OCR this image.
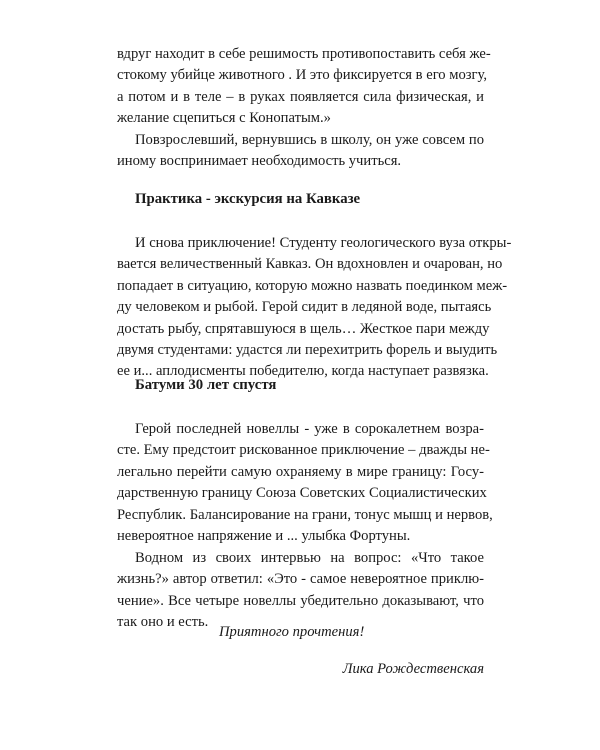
вдруг находит в себе решимость противопоставить себя же-
стокому убийце животного . И это фиксируется в его мозгу,
а потом и в теле – в руках появляется сила физическая, и
желание сцепиться с Конопатым.»
Повзрослевший, вернувшись в школу, он уже совсем по
иному воспринимает необходимость учиться.
Практика - экскурсия на Кавказе
И снова приключение! Студенту геологического вуза откры-
вается величественный Кавказ. Он вдохновлен и очарован, но
попадает в ситуацию, которую можно назвать поединком меж-
ду человеком и рыбой. Герой сидит в ледяной воде, пытаясь
достать рыбу, спрятавшуюся в щель… Жесткое пари между
двумя студентами: удастся ли перехитрить форель и выудить
ее и... аплодисменты победителю, когда наступает развязка.
Батуми 30 лет спустя
Герой последней новеллы - уже в сорокалетнем возра-
сте. Ему предстоит рискованное приключение – дважды не-
легально перейти самую охраняему в мире границу: Госу-
дарственную границу Союза Советских Социалистических
Республик. Балансирование на грани, тонус мышц и нервов,
невероятное напряжение и ... улыбка Фортуны.
Водном из своих интервью на вопрос: «Что такое
жизнь?» автор ответил: «Это - самое невероятное приклю-
чение». Все четыре новеллы убедительно доказывают, что
так оно и есть.
Приятного прочтения!
Лика Рождественская
